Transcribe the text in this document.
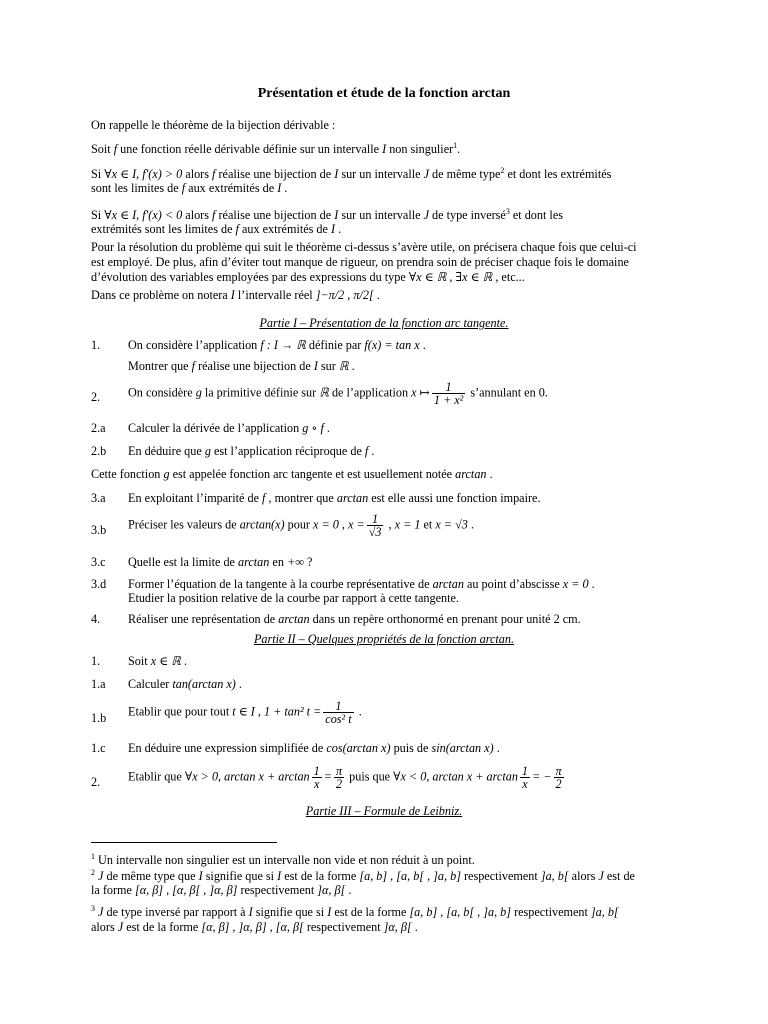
Présentation et étude de la fonction arctan
On rappelle le théorème de la bijection dérivable :
Soit f une fonction réelle dérivable définie sur un intervalle I non singulier$^1$.
Si ∀x ∈ I, f′(x) > 0 alors f réalise une bijection de I sur un intervalle J de même type$^2$ et dont les extrémités
sont les limites de f aux extrémités de I .
Si ∀x ∈ I, f′(x) < 0 alors f réalise une bijection de I sur un intervalle J de type inversé$^3$ et dont les
extrémités sont les limites de f aux extrémités de I .
Pour la résolution du problème qui suit le théorème ci-dessus s’avère utile, on précisera chaque fois que celui-ci
est employé. De plus, afin d’éviter tout manque de rigueur, on prendra soin de préciser chaque fois le domaine
d’évolution des variables employées par des expressions du type ∀x ∈ ℝ , ∃x ∈ ℝ , etc...
Dans ce problème on notera I l’intervalle réel ]−π/2 , π/2[ .
Partie I – Présentation de la fonction arc tangente.
1. On considère l’application f : I → ℝ définie par f(x) = tan x .
Montrer que f réalise une bijection de I sur ℝ .
2. On considère g la primitive définie sur ℝ de l’application x ↦ $\frac{1}{\text{1 + x²}}$ s’annulant en 0.
2.a Calculer la dérivée de l’application g ∘ f .
2.b En déduire que g est l’application réciproque de f .
Cette fonction g est appelée fonction arc tangente et est usuellement notée arctan .
3.a En exploitant l’imparité de f , montrer que arctan est elle aussi une fonction impaire.
3.b Préciser les valeurs de arctan(x) pour x = 0 , $x = \frac{1}{√3}$ , x = 1 et x = √3 .
3.c Quelle est la limite de arctan en +∞ ?
3.d Former l’équation de la tangente à la courbe représentative de arctan au point d’abscisse x = 0 .
Etudier la position relative de la courbe par rapport à cette tangente.
4. Réaliser une représentation de arctan dans un repère orthonormé en prenant pour unité 2 cm.
Partie II – Quelques propriétés de la fonction arctan.
1. Soit x ∈ ℝ .
1.a Calculer tan(arctan x) .
1.b Etablir que pour tout t ∈ I , 1 + tan² $t = \frac{1}{\text{cos² t}}$ .
1.c En déduire une expression simplifiée de cos(arctan x) puis de sin(arctan x) .
2. Etablir que ∀x > 0, $\arctan x + \arctan \frac{1}{x} = \frac{\pi}{2}$ puis que ∀x < 0, $\arctan x + \arctan \frac{1}{x}$ = − $\frac{\pi}{2}$
Partie III – Formule de Leibniz.
$^1$ Un intervalle non singulier est un intervalle non vide et non réduit à un point.
$^2$ J de même type que I signifie que si I est de la forme [a, b] , [a, b[ , ]a, b] respectivement ]a, b[ alors J est de
la forme [α, β] , [α, β[ , ]α, β] respectivement ]α, β[ .
$^3$ J de type inversé par rapport à I signifie que si I est de la forme [a, b] , [a, b[ , ]a, b] respectivement ]a, b[
alors J est de la forme [α, β] , ]α, β] , [α, β[ respectivement ]α, β[ .
